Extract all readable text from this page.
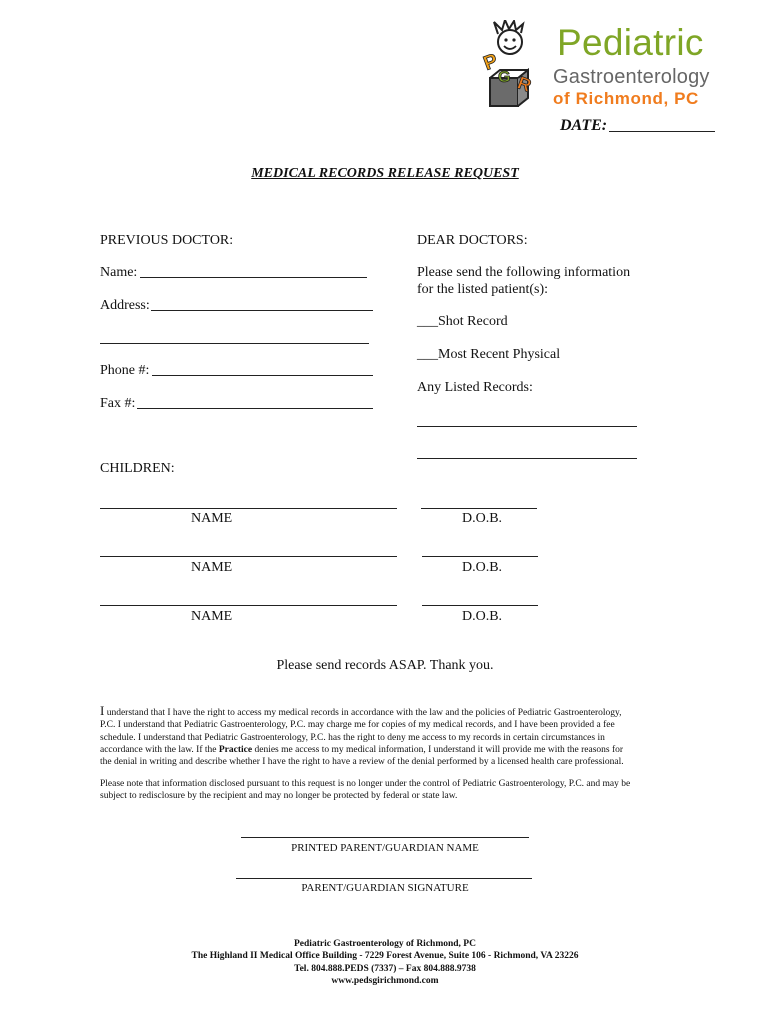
P
G R
Pediatric
Gastroenterology
of Richmond, PC
DATE:
MEDICAL RECORDS RELEASE REQUEST
PREVIOUS DOCTOR:
Name:
Address:
Phone #:
Fax #:
DEAR DOCTORS:
Please send the following information
for the listed patient(s):
___Shot Record
___Most Recent Physical
Any Listed Records:
CHILDREN:
NAME	D.O.B.
NAME	D.O.B.
NAME	D.O.B.
Please send records ASAP. Thank you.
I understand that I have the right to access my medical records in accordance with the law and the policies of Pediatric Gastroenterology,
P.C. I understand that Pediatric Gastroenterology, P.C. may charge me for copies of my medical records, and I have been provided a fee
schedule. I understand that Pediatric Gastroenterology, P.C. has the right to deny me access to my records in certain circumstances in
accordance with the law. If the Practice denies me access to my medical information, I understand it will provide me with the reasons for
the denial in writing and describe whether I have the right to have a review of the denial performed by a licensed health care professional.
Please note that information disclosed pursuant to this request is no longer under the control of Pediatric Gastroenterology, P.C. and may be
subject to redisclosure by the recipient and may no longer be protected by federal or state law.
PRINTED PARENT/GUARDIAN NAME
PARENT/GUARDIAN SIGNATURE
Pediatric Gastroenterology of Richmond, PC
The Highland II Medical Office Building - 7229 Forest Avenue, Suite 106 - Richmond, VA 23226
Tel. 804.888.PEDS (7337) – Fax 804.888.9738
www.pedsgirichmond.com
